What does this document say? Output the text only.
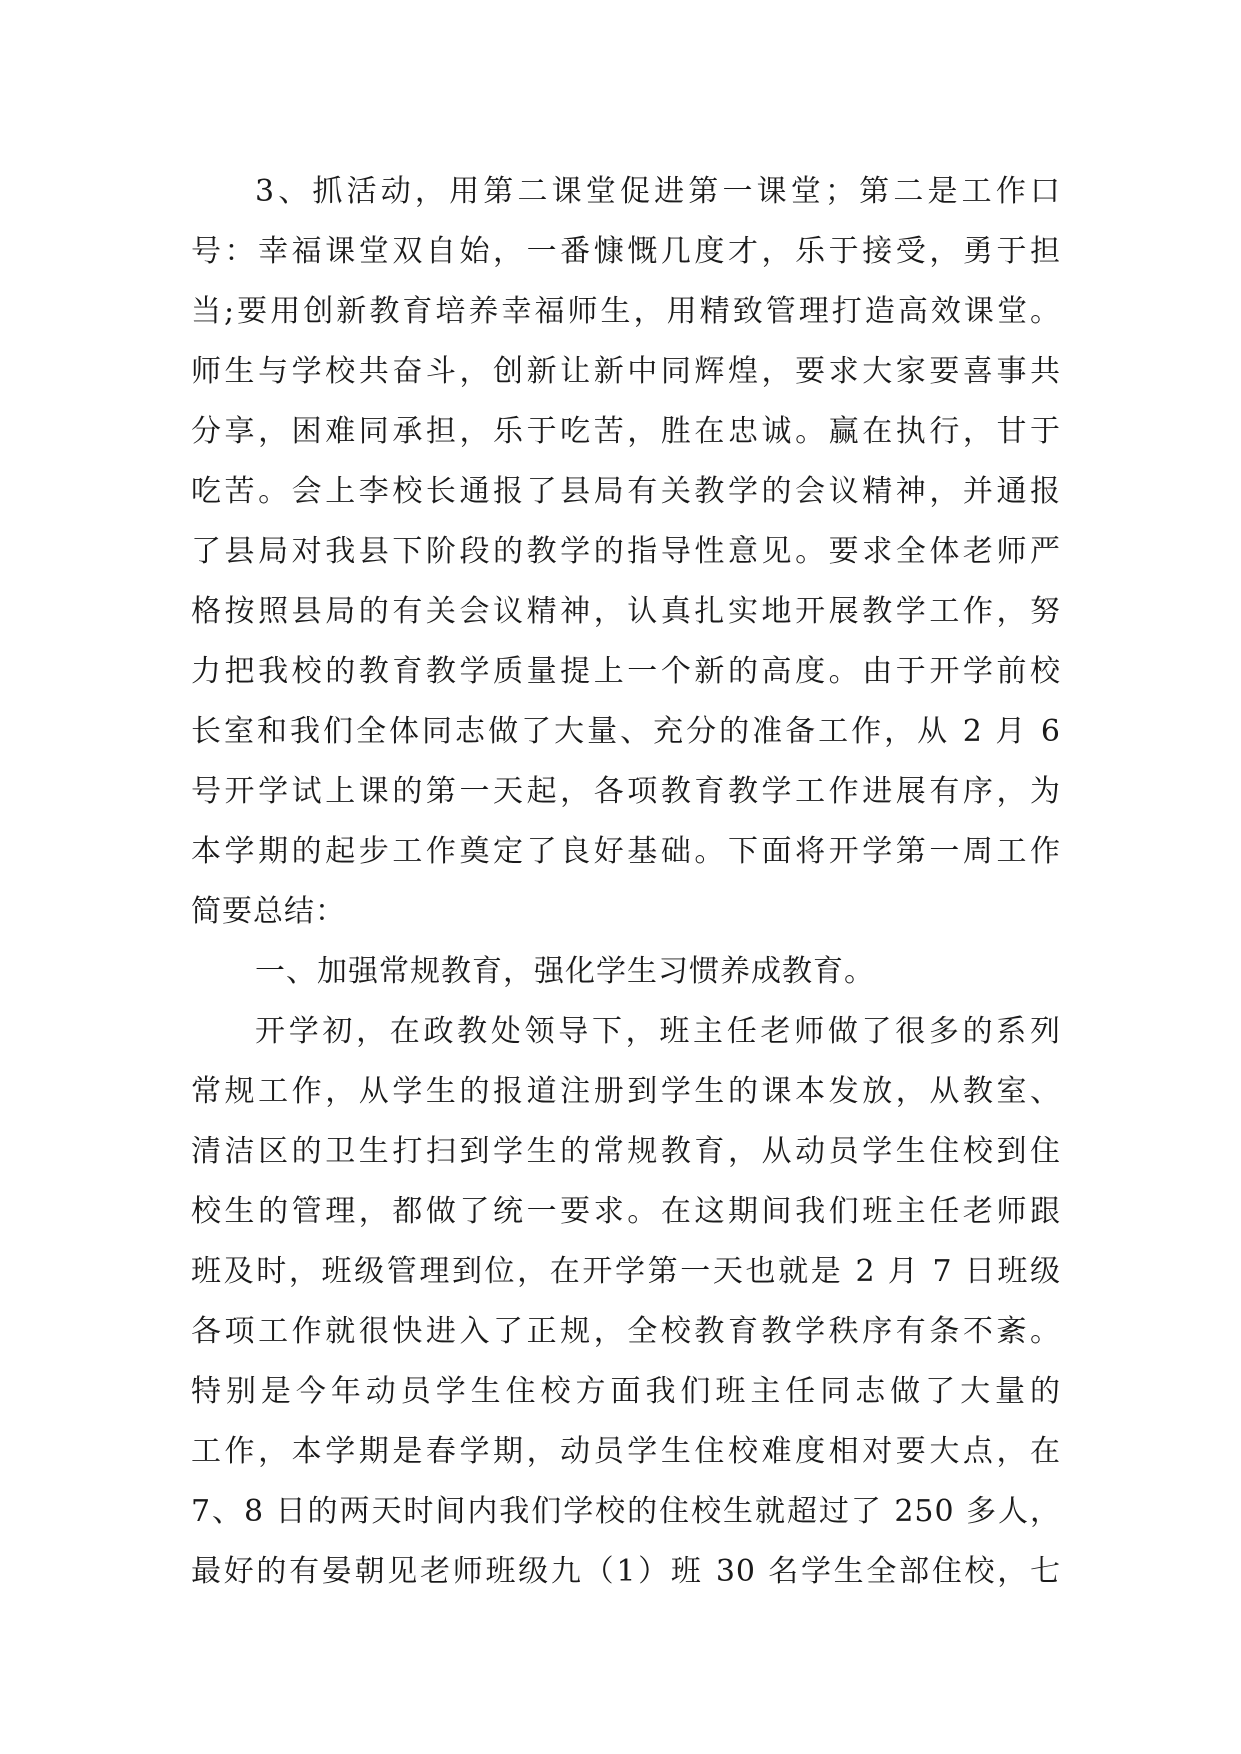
3、抓活动，用第二课堂促进第一课堂；第二是工作口
号：幸福课堂双自始，一番慷慨几度才，乐于接受，勇于担
当;要用创新教育培养幸福师生，用精致管理打造高效课堂。
师生与学校共奋斗，创新让新中同辉煌，要求大家要喜事共
分享，困难同承担，乐于吃苦，胜在忠诚。赢在执行，甘于
吃苦。会上李校长通报了县局有关教学的会议精神，并通报
了县局对我县下阶段的教学的指导性意见。要求全体老师严
格按照县局的有关会议精神，认真扎实地开展教学工作，努
力把我校的教育教学质量提上一个新的高度。由于开学前校
长室和我们全体同志做了大量、充分的准备工作，从 2 月 6
号开学试上课的第一天起，各项教育教学工作进展有序，为
本学期的起步工作奠定了良好基础。下面将开学第一周工作
简要总结：
一、加强常规教育，强化学生习惯养成教育。
开学初，在政教处领导下，班主任老师做了很多的系列
常规工作，从学生的报道注册到学生的课本发放，从教室、
清洁区的卫生打扫到学生的常规教育，从动员学生住校到住
校生的管理，都做了统一要求。在这期间我们班主任老师跟
班及时，班级管理到位，在开学第一天也就是 2 月 7 日班级
各项工作就很快进入了正规，全校教育教学秩序有条不紊。
特别是今年动员学生住校方面我们班主任同志做了大量的
工作，本学期是春学期，动员学生住校难度相对要大点，在
7、8 日的两天时间内我们学校的住校生就超过了 250 多人，
最好的有晏朝见老师班级九（1）班 30 名学生全部住校，七
